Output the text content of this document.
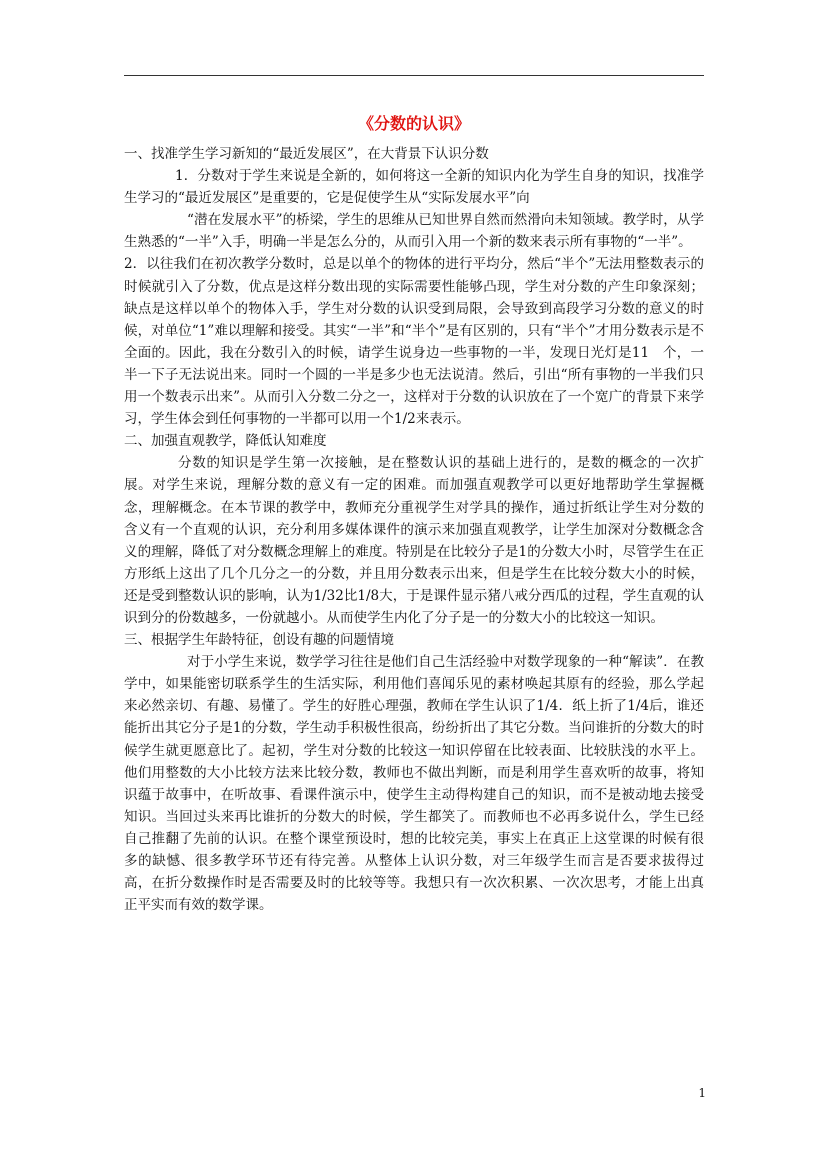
《分数的认识》

一、找准学生学习新知的“最近发展区”，在大背景下认识分数

1．分数对于学生来说是全新的，如何将这一全新的知识内化为学生自身的知识，找准学生学习的“最近发展区”是重要的，它是促使学生从“实际发展水平”向

“潜在发展水平”的桥梁，学生的思维从已知世界自然而然滑向未知领域。教学时，从学生熟悉的“一半”入手，明确一半是怎么分的，从而引入用一个新的数来表示所有事物的“一半”。

2．以往我们在初次教学分数时，总是以单个的物体的进行平均分，然后“半个”无法用整数表示的时候就引入了分数，优点是这样分数出现的实际需要性能够凸现，学生对分数的产生印象深刻；缺点是这样以单个的物体入手，学生对分数的认识受到局限，会导致到高段学习分数的意义的时候，对单位“1”难以理解和接受。其实“一半”和“半个”是有区别的，只有“半个”才用分数表示是不全面的。因此，我在分数引入的时候，请学生说身边一些事物的一半，发现日光灯是11　个，一半一下子无法说出来。同时一个圆的一半是多少也无法说清。然后，引出“所有事物的一半我们只用一个数表示出来”。从而引入分数二分之一，这样对于分数的认识放在了一个宽广的背景下来学习，学生体会到任何事物的一半都可以用一个1/2来表示。

二、加强直观教学，降低认知难度

分数的知识是学生第一次接触，是在整数认识的基础上进行的，是数的概念的一次扩展。对学生来说，理解分数的意义有一定的困难。而加强直观教学可以更好地帮助学生掌握概念，理解概念。在本节课的教学中，教师充分重视学生对学具的操作，通过折纸让学生对分数的含义有一个直观的认识，充分利用多媒体课件的演示来加强直观教学，让学生加深对分数概念含义的理解，降低了对分数概念理解上的难度。特别是在比较分子是1的分数大小时，尽管学生在正方形纸上这出了几个几分之一的分数，并且用分数表示出来，但是学生在比较分数大小的时候，还是受到整数认识的影响，认为1/32比1/8大，于是课件显示猪八戒分西瓜的过程，学生直观的认识到分的份数越多，一份就越小。从而使学生内化了分子是一的分数大小的比较这一知识。

三、根据学生年龄特征，创设有趣的问题情境

对于小学生来说，数学学习往往是他们自己生活经验中对数学现象的一种“解读”．在教学中，如果能密切联系学生的生活实际，利用他们喜闻乐见的素材唤起其原有的经验，那么学起来必然亲切、有趣、易懂了。学生的好胜心理强，教师在学生认识了1/4．纸上折了1/4后，谁还能折出其它分子是1的分数，学生动手积极性很高，纷纷折出了其它分数。当问谁折的分数大的时候学生就更愿意比了。起初，学生对分数的比较这一知识停留在比较表面、比较肤浅的水平上。他们用整数的大小比较方法来比较分数，教师也不做出判断，而是利用学生喜欢听的故事，将知识蕴于故事中，在听故事、看课件演示中，使学生主动得构建自己的知识，而不是被动地去接受知识。当回过头来再比谁折的分数大的时候，学生都笑了。而教师也不必再多说什么，学生已经自己推翻了先前的认识。在整个课堂预设时，想的比较完美，事实上在真正上这堂课的时候有很多的缺憾、很多教学环节还有待完善。从整体上认识分数，对三年级学生而言是否要求拔得过高，在折分数操作时是否需要及时的比较等等。我想只有一次次积累、一次次思考，才能上出真正平实而有效的数学课。

1
